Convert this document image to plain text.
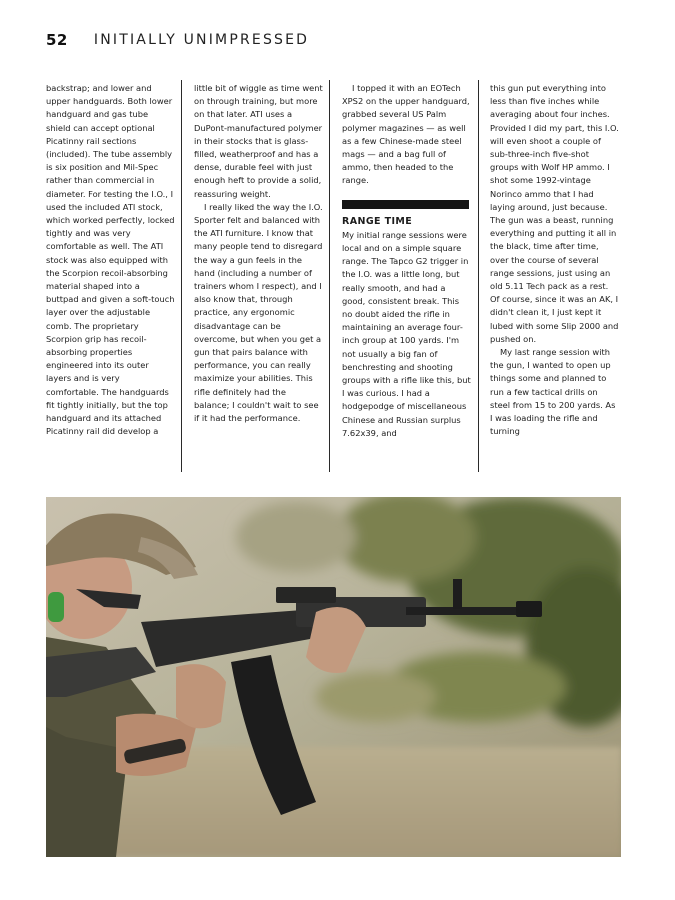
52 INITIALLY UNIMPRESSED

backstrap; and lower and upper handguards. Both lower handguard and gas tube shield can accept optional Picatinny rail sections (included). The tube assembly is six position and Mil-Spec rather than commercial in diameter. For testing the I.O., I used the included ATI stock, which worked perfectly, locked tightly and was very comfortable as well. The ATI stock was also equipped with the Scorpion recoil-absorbing material shaped into a buttpad and given a soft-touch layer over the adjustable comb. The proprietary Scorpion grip has recoil-absorbing properties engineered into its outer layers and is very comfortable. The handguards fit tightly initially, but the top handguard and its attached Picatinny rail did develop a

little bit of wiggle as time went on through training, but more on that later. ATI uses a DuPont-manufactured polymer in their stocks that is glass-filled, weatherproof and has a dense, durable feel with just enough heft to provide a solid, reassuring weight.

I really liked the way the I.O. Sporter felt and balanced with the ATI furniture. I know that many people tend to disregard the way a gun feels in the hand (including a number of trainers whom I respect), and I also know that, through practice, any ergonomic disadvantage can be overcome, but when you get a gun that pairs balance with performance, you can really maximize your abilities. This rifle definitely had the balance; I couldn't wait to see if it had the performance.

I topped it with an EOTech XPS2 on the upper handguard, grabbed several US Palm polymer magazines — as well as a few Chinese-made steel mags — and a bag full of ammo, then headed to the range.

RANGE TIME

My initial range sessions were local and on a simple square range. The Tapco G2 trigger in the I.O. was a little long, but really smooth, and had a good, consistent break. This no doubt aided the rifle in maintaining an average four-inch group at 100 yards. I'm not usually a big fan of benchresting and shooting groups with a rifle like this, but I was curious. I had a hodgepodge of miscellaneous Chinese and Russian surplus 7.62x39, and

this gun put everything into less than five inches while averaging about four inches. Provided I did my part, this I.O. will even shoot a couple of sub-three-inch five-shot groups with Wolf HP ammo. I shot some 1992-vintage Norinco ammo that I had laying around, just because. The gun was a beast, running everything and putting it all in the black, time after time, over the course of several range sessions, just using an old 5.11 Tech pack as a rest. Of course, since it was an AK, I didn't clean it, I just kept it lubed with some Slip 2000 and pushed on.

My last range session with the gun, I wanted to open up things some and planned to run a few tactical drills on steel from 15 to 200 yards. As I was loading the rifle and turning
